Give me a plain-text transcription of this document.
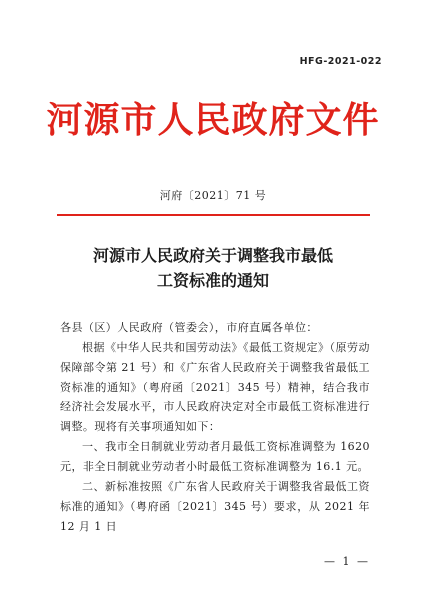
HFG-2021-022
河源市人民政府文件
河府〔2021〕71 号
河源市人民政府关于调整我市最低
工资标准的通知
各县（区）人民政府（管委会），市府直属各单位：
根据《中华人民共和国劳动法》《最低工资规定》（原劳动保障部令第 21 号）和《广东省人民政府关于调整我省最低工资标准的通知》（粤府函〔2021〕345 号）精神，结合我市经济社会发展水平，市人民政府决定对全市最低工资标准进行调整。现将有关事项通知如下：
一、我市全日制就业劳动者月最低工资标准调整为 1620 元，非全日制就业劳动者小时最低工资标准调整为 16.1 元。
二、新标准按照《广东省人民政府关于调整我省最低工资标准的通知》（粤府函〔2021〕345 号）要求，从 2021 年 12 月 1 日
— 1 —
